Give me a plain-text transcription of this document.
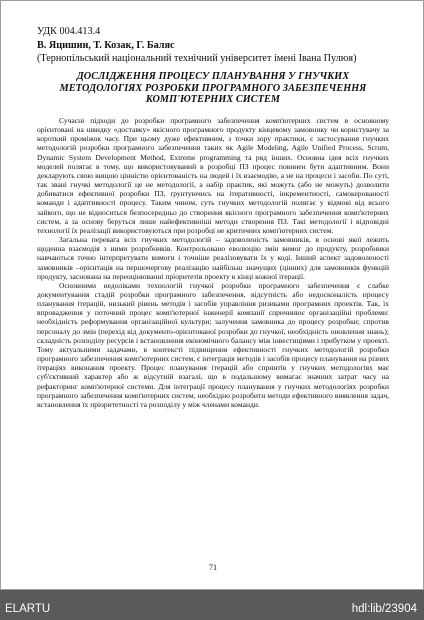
УДК 004.413.4
В. Яцишин, Т. Козак, Г. Баляс
(Тернопільський національний технічний університет імені Івана Пулюя)
ДОСЛІДЖЕННЯ ПРОЦЕСУ ПЛАНУВАННЯ У ГНУЧКИХ МЕТОДОЛОГІЯХ РОЗРОБКИ ПРОГРАМНОГО ЗАБЕЗПЕЧЕННЯ КОМП'ЮТЕРНИХ СИСТЕМ

Сучасні підходи до розробки програмного забезпечення комп'ютерних систем в основному орієнтовані на швидку «доставку» якісного програмного продукту кінцевому замовнику чи користувачу за короткий проміжок часу. При цьому дуже ефективним, з точки зору практики, є застосування гнучких методологій розробки програмного забезпечення таких як Agile Modeling, Agile Unified Process, Scrum, Dynamic System Development Method, Extreme programming та ряд інших. Основна ідея всіх гнучких моделей полягає в тому, що використовуваний в розробці ПЗ процес повинен бути адаптивним. Вони декларують свою вищою цінністю орієнтованість на людей і їх взаємодію, а не на процеси і засоби. По суті, так звані гнучкі методології це не методології, а набір практик, які можуть (або не можуть) дозволити добиватися ефективної розробки ПЗ, ґрунтуючись на ітеративності, інкрементності, самокерованості команди і адаптивності процесу. Таким чином, суть гнучких методологій полягає у відмові від всього зайвого, що не відноситься безпосередньо до створення якісного програмного забезпечення комп'ютерних систем, а за основу беруться лише найефективніші методи створення ПЗ. Такі методології і відповідні технології їх реалізації використовуються при розробці не критичних комп'ютерних систем.

Загальна перевага всіх гнучких методологій – задоволеність замовників, в основі якої лежить щоденна взаємодія з ними розробників. Контрольовано еволюцію змін вимог до продукту, розробники навчаються точно інтерпретувати вимоги і точніше реалізовувати їх у коді. Інший аспект задоволеності замовників –орієнтація на першочергову реалізацію найбільш значущих (цінних) для замовників функцій продукту, заснована на переоцінюванні пріоритетів проекту в кінці кожної ітерації.

Основними недоліками технологій гнучкої розробки програмного забезпечення є слабке документування стадій розробки програмного забезпечення, відсутність або недосконалість процесу планування ітерацій, низький рівень методів і засобів управління ризиками програмних проектів. Так, їх впровадження у поточний процес комп'ютерної інженерії компанії спричинює організаційні проблеми: необхідність реформування організаційної культури; залучення замовника до процесу розробки; спротив персоналу до змін (перехід від документо-орієнтованої розробки до гнучкої, необхідність оновлення знань); складність розподілу ресурсів і встановлення економічного балансу між інвестиціями і прибутком у проекті. Тому актуальними задачами, в контексті підвищення ефективності гнучких методологій розробки програмного забезпечення комп'ютерних систем, є інтеграція методів і засобів процесу планування на різних ітераціях виконання проекту. Процес планування ітерацій або спринтів у гнучких методологіях має суб'єктивний характер або ж відсутній взагалі, що в подальшому вимагає значних затрат часу на рефакторинг комп'ютерної системи. Для інтеграції процесу планування у гнучких методологіях розробки програмного забезпечення комп'ютерних систем, необхідно розробити методи ефективного виявлення задач, встановлення їх пріоритетності та розподілу у між членами команди.

71
ELARTU	hdl:lib/23904
